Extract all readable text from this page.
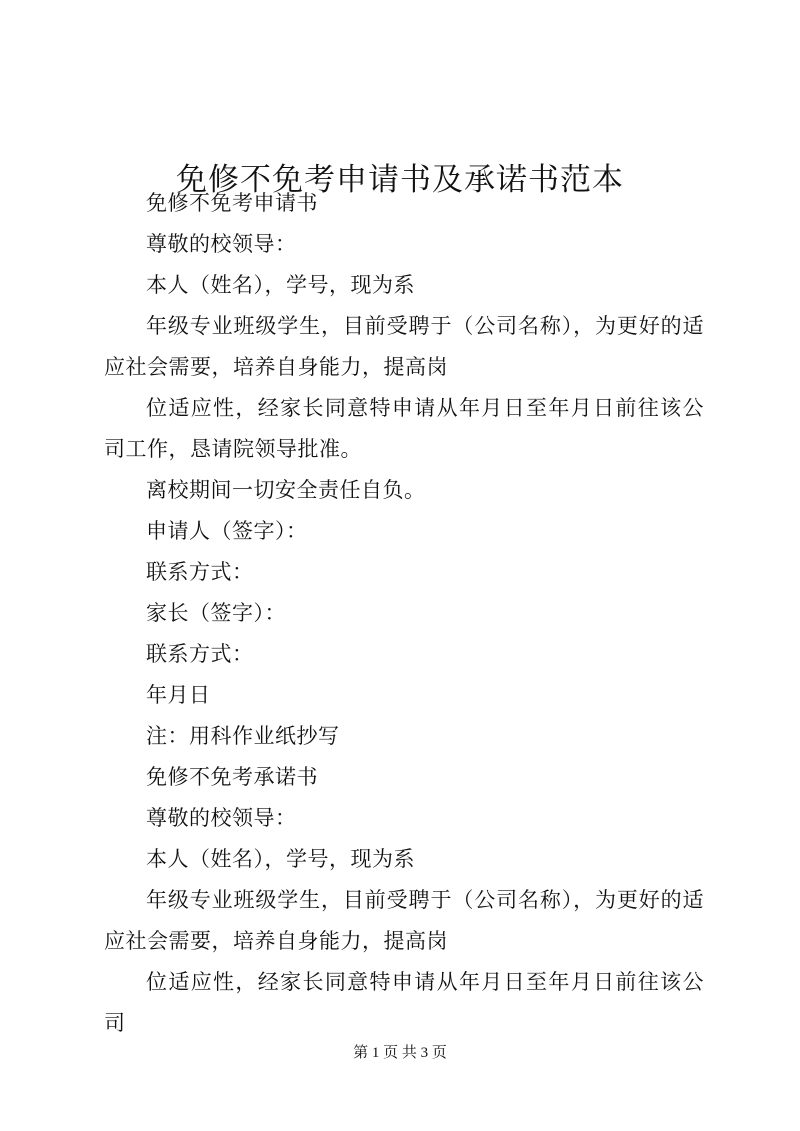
免修不免考申请书及承诺书范本

免修不免考申请书

尊敬的校领导：

本人（姓名），学号，现为系

年级专业班级学生，目前受聘于（公司名称），为更好的适应社会需要，培养自身能力，提高岗

位适应性，经家长同意特申请从年月日至年月日前往该公司工作，恳请院领导批准。

离校期间一切安全责任自负。

申请人（签字）：

联系方式：

家长（签字）：

联系方式：

年月日

注：用科作业纸抄写

免修不免考承诺书

尊敬的校领导：

本人（姓名），学号，现为系

年级专业班级学生，目前受聘于（公司名称），为更好的适应社会需要，培养自身能力，提高岗

位适应性，经家长同意特申请从年月日至年月日前往该公司

第 1 页 共 3 页
